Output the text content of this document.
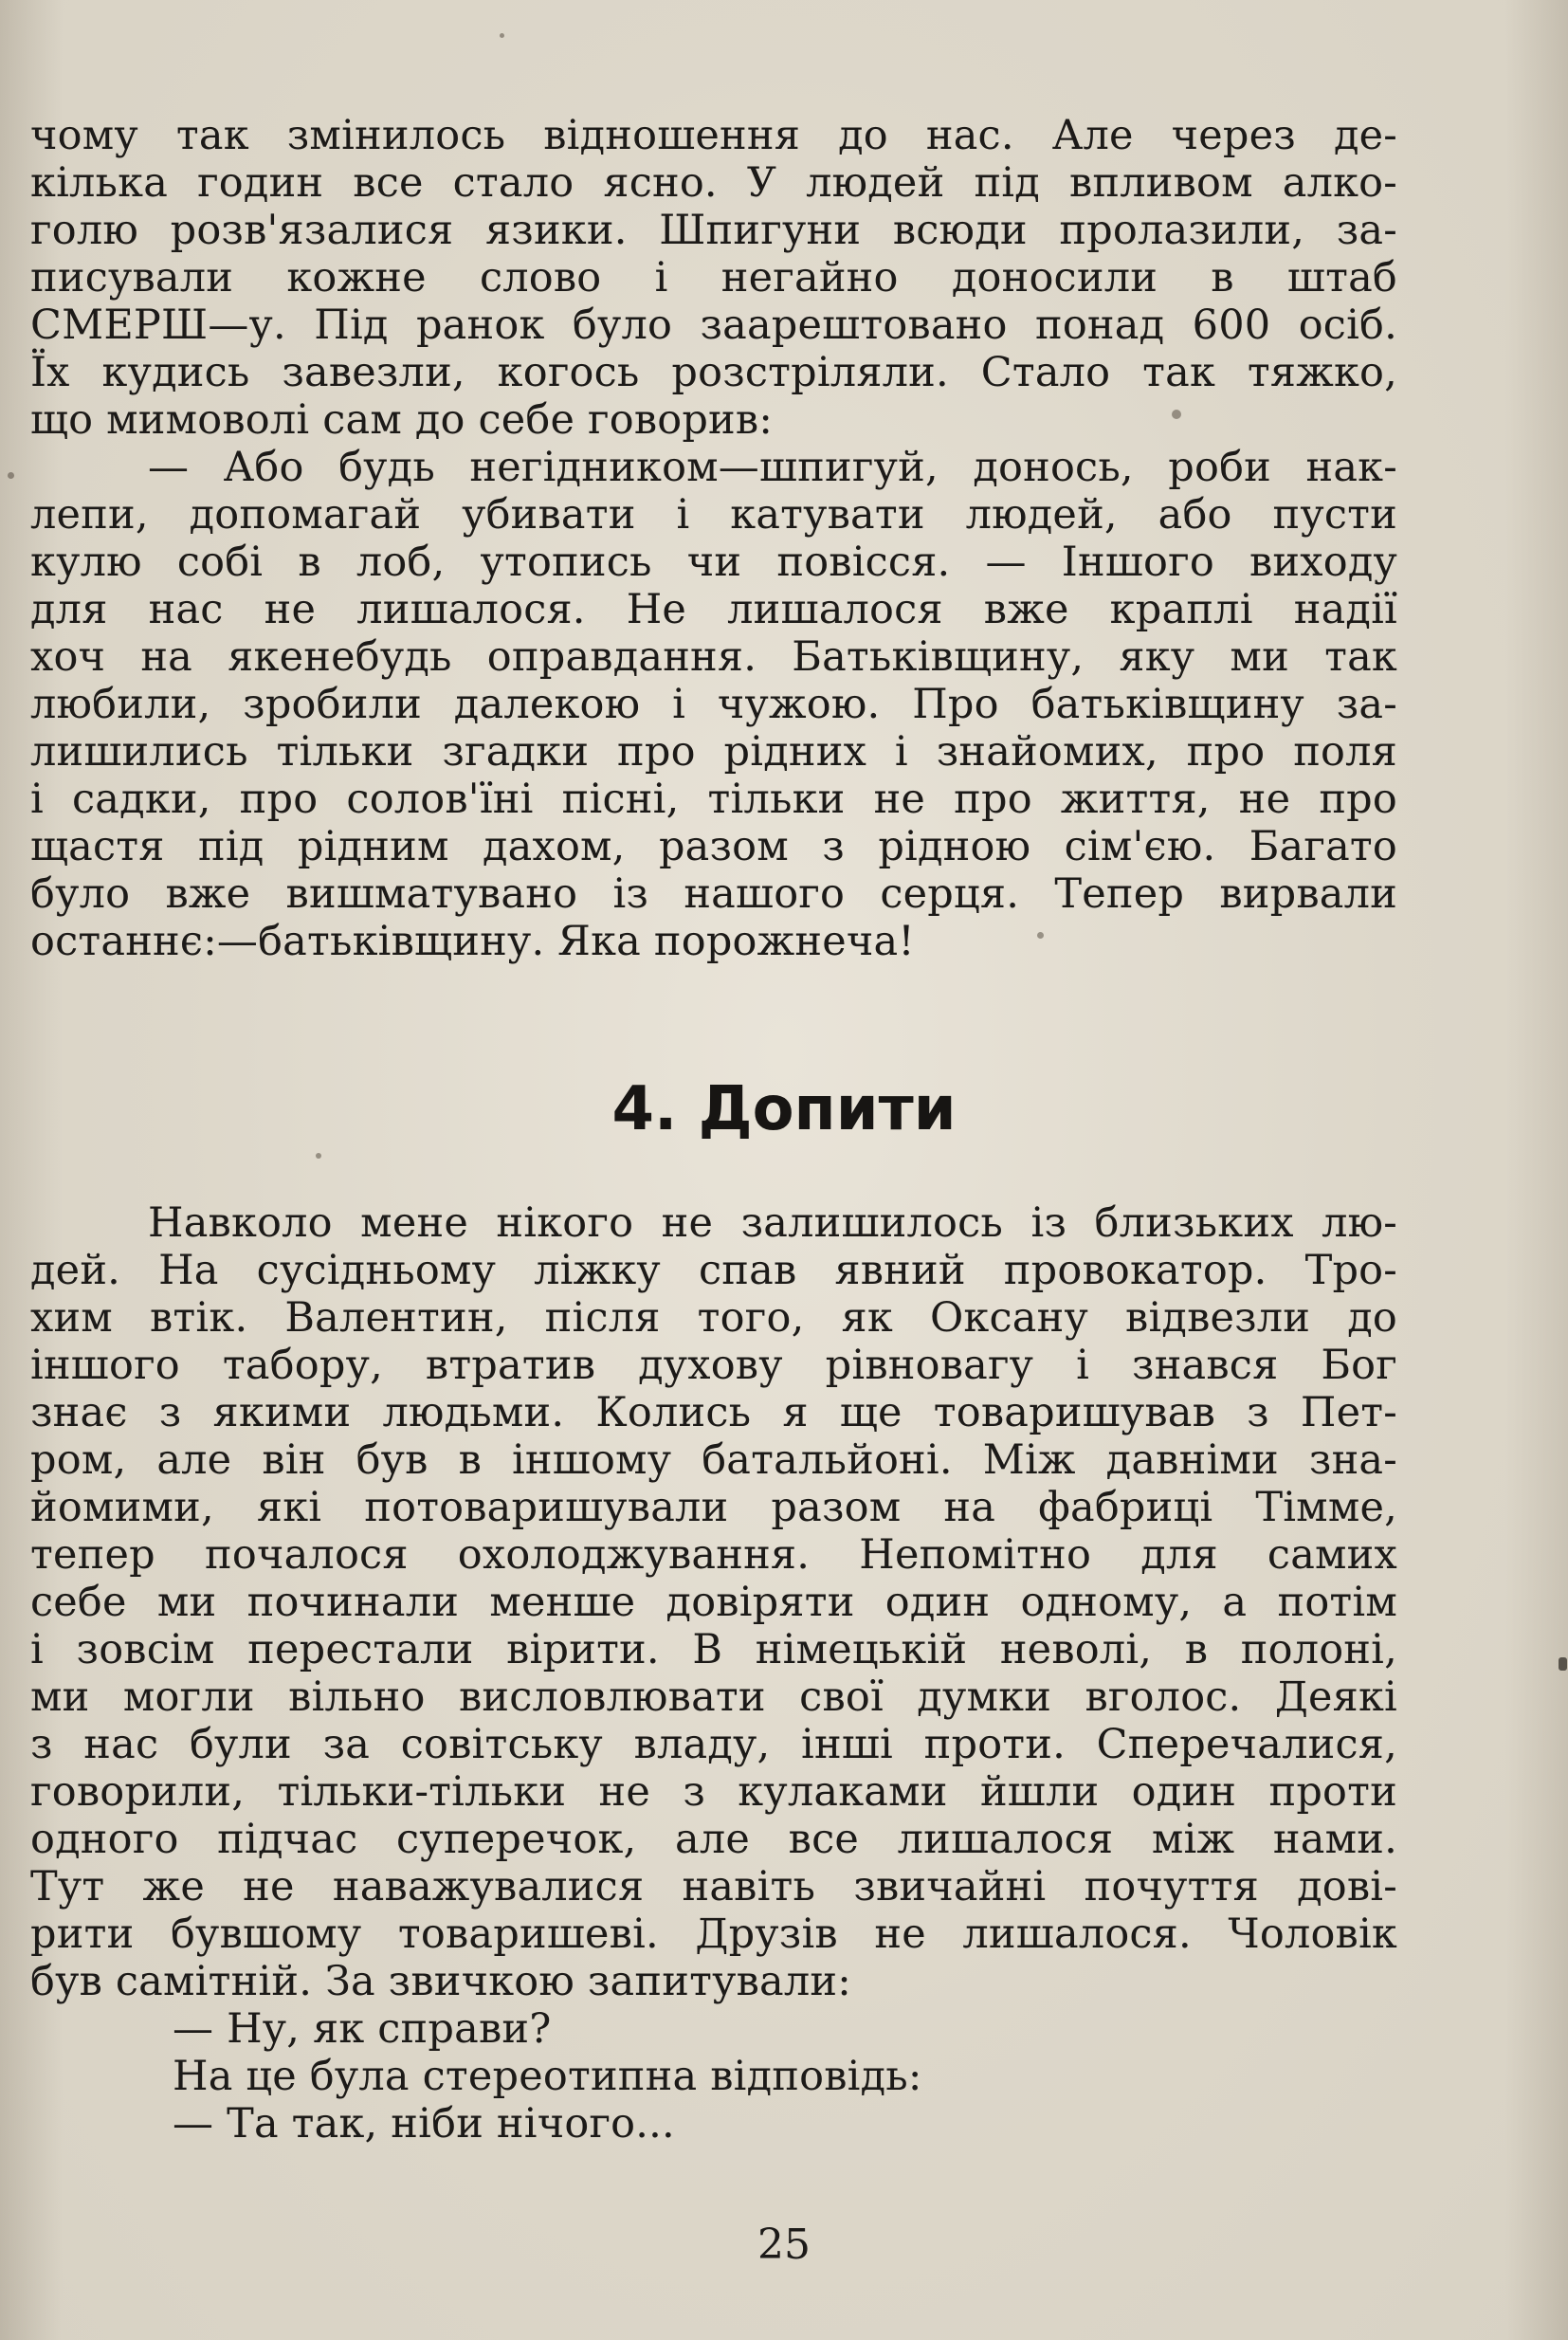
чому так змінилось відношення до нас. Але через де-
кілька годин все стало ясно. У людей під впливом алко-
голю розв'язалися язики. Шпигуни всюди пролазили, за-
писували кожне слово і негайно доносили в штаб
СМЕРШ—у. Під ранок було заарештовано понад 600 осіб.
Їх кудись завезли, когось розстріляли. Стало так тяжко,
що мимоволі сам до себе говорив:

— Або будь негідником—шпигуй, донось, роби нак-
лепи, допомагай убивати і катувати людей, або пусти
кулю собі в лоб, утопись чи повісся. — Іншого виходу
для нас не лишалося. Не лишалося вже краплі надії
хоч на якенебудь оправдання. Батьківщину, яку ми так
любили, зробили далекою і чужою. Про батьківщину за-
лишились тільки згадки про рідних і знайомих, про поля
і садки, про солов'їні пісні, тільки не про життя, не про
щастя під рідним дахом, разом з рідною сім'єю. Багато
було вже вишматувано із нашого серця. Тепер вирвали
останнє:—батьківщину. Яка порожнеча!

4. Допити

Навколо мене нікого не залишилось із близьких лю-
дей. На сусідньому ліжку спав явний провокатор. Тро-
хим втік. Валентин, після того, як Оксану відвезли до
іншого табору, втратив духову рівновагу і знався Бог
знає з якими людьми. Колись я ще товаришував з Пет-
ром, але він був в іншому батальйоні. Між давніми зна-
йомими, які потоваришували разом на фабриці Тімме,
тепер почалося охолоджування. Непомітно для самих
себе ми починали менше довіряти один одному, а потім
і зовсім перестали вірити. В німецькій неволі, в полоні,
ми могли вільно висловлювати свої думки вголос. Деякі
з нас були за совітську владу, інші проти. Сперечалися,
говорили, тільки-тільки не з кулаками йшли один проти
одного підчас суперечок, але все лишалося між нами.
Тут же не наважувалися навіть звичайні почуття дові-
рити бувшому товаришеві. Друзів не лишалося. Чоловік
був самітній. За звичкою запитували:

— Ну, як справи?
На це була стереотипна відповідь:
— Та так, ніби нічого...

25
